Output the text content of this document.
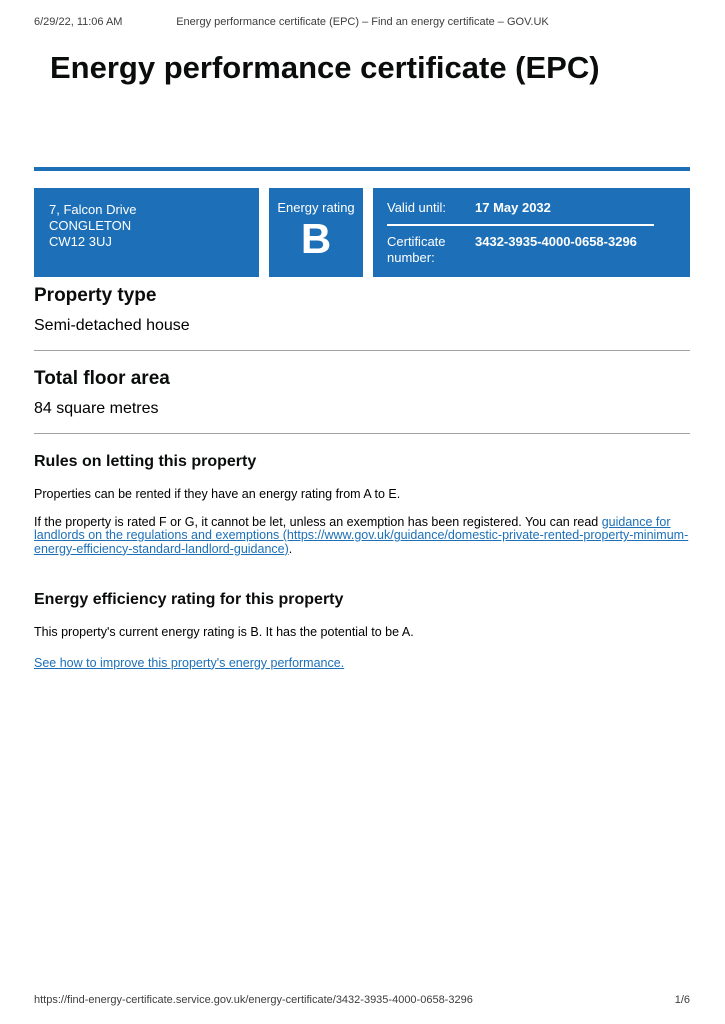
6/29/22, 11:06 AM	Energy performance certificate (EPC) – Find an energy certificate – GOV.UK
Energy performance certificate (EPC)
7, Falcon Drive
CONGLETON
CW12 3UJ
Energy rating
B
Valid until:	17 May 2032
Certificate number:
3432-3935-4000-0658-3296
Property type

Semi-detached house

Total floor area

84 square metres

Rules on letting this property

Properties can be rented if they have an energy rating from A to E.

If the property is rated F or G, it cannot be let, unless an exemption has been registered. You can read guidance for landlords on the regulations and exemptions (https://www.gov.uk/guidance/domestic-private-rented-property-minimum-energy-efficiency-standard-landlord-guidance).

Energy efficiency rating for this property

This property's current energy rating is B. It has the potential to be A.

See how to improve this property's energy performance.

https://find-energy-certificate.service.gov.uk/energy-certificate/3432-3935-4000-0658-3296	1/6
